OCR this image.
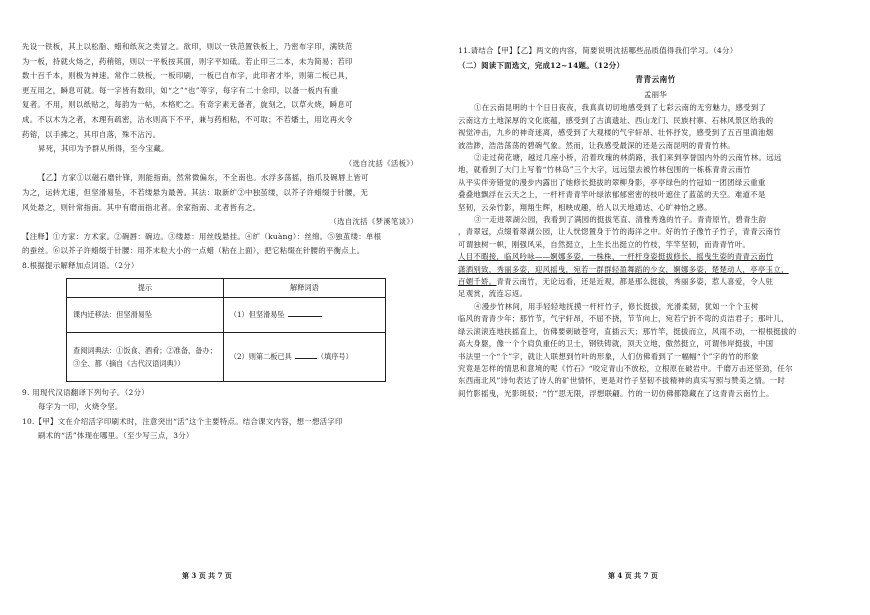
先设一铁板，其上以松脂、蜡和纸灰之类冒之。欲印，则以一铁范置铁板上，乃密布字印，满铁范
为一板，持就火炀之，药稍镕，则以一平板按其面，则字平如砥。若止印三二本，未为简易；若印
数十百千本，则极为神速。常作二铁板，一板印刷，一板已自布字，此印者才毕，则第二板已具，
更互用之，瞬息可就。每一字皆有数印，如“之”“也”等字，每字有二十余印，以备一板内有重
复者。不用，则以纸贴之，每韵为一帖，木格贮之。有奇字素无备者，旋刻之，以草火烧，瞬息可
成。不以木为之者，木理有疏密，沾水则高下不平，兼与药相粘，不可取；不若燔土，用讫再火令
药镕，以手拂之，其印自落，殊不沾污。
昇死，其印为予群从所得，至今宝藏。
（选自沈括《活板》）
【乙】方家①以磁石磨针锋，则能指南，然常微偏东，不全南也。水浮多荡摇，指爪及碗唇上皆可
为之，运转尤速，但坚滑易坠，不若缕悬为最善。其法：取新纩②中独茧缕，以芥子许蜡缀于针腰，无
风处悬之，则针常指南。其中有磨而指北者。余家指南、北者皆有之。
（选自沈括《梦溪笔谈》）
【注释】①方家：方术家。②碗唇：碗边。③缕悬：用丝线悬挂。④纩（kuàng）：丝绵。⑤独茧缕：单根
的蚕丝。⑥以芥子许蜡缀于针腰：用芥末粒大小的一点蜡（粘在上面），把它粘缀在针腰的平衡点上。
8.根据提示解释加点词语。（2分）
提示	解释词语
课内迁移法：但坚滑易坠	（1）但坚滑易坠

查阅词典法：①饭食、酒肴；②准备，备办；
③全、都（摘自《古代汉语词典》）	（2）则第二板已具 （填序号）
9. 用现代汉语翻译下列句子。（2分）
每字为一印，火烧令坚。
10.【甲】文在介绍活字印刷术时，注意突出“活”这个主要特点。结合课文内容，想一想活字印
刷术的“活”体现在哪里。（至少写三点，3分）
第 3 页 共 7 页
11.请结合【甲】【乙】两文的内容，简要说明沈括哪些品质值得我们学习。（4分）
（二）阅读下面选文，完成12~14题。（12分）
青青云南竹
孟丽华
①在云南昆明的十个日日夜夜，我真真切切地感受到了七彩云南的无穷魅力，感受到了
云南这方土地深厚的文化底蕴，感受到了古滇遗址、西山龙门、民族村寨、石林风景区给我的
视觉冲击，九乡的神奇迷离，感受到了大观楼的气宇轩昂、壮怀抒发，感受到了五百里滇池烟
波浩渺，浩浩荡荡的碧碗气象。然而，让我感受最深的还是云南昆明的青青竹林。
②走过荷花塘，越过几座小桥，沿着玫瑰的林荫路，我们来到享誉国内外的云南竹林。远远
地，就看到了大门上写着“竹林岛”三个大字，远远望去被竹林包围的一栋栋青青云南竹
从平实伴旁错觉的漫步内露出了她修长挺拔的翠柳身影，亭亭绿色的竹冠如一团团绿云重重
叠叠地飘浮在云天之上，一杆杆青青竿叶绿浓郁郁密密的枝叶遮住了蓝蓝的天空。难道不是
坚韧，云朵竹影，翔翔生辉，相映成趣，给人以天地通达、心旷神怡之感。
③一走进翠湖公园，我看到了满园的挺拔笔直、清雅秀逸的竹子。青青原竹，碧青生韵
，青翠冠，点缀着翠湖公园，让人恍惚置身于竹的海洋之中。好的竹子像竹子竹子，青青云南竹
可谓独树一帜，刚强风采，自然挺立，上生长出挺立的竹枝，竿竿坚韧，而青青竹叶。
人目不暇接，临风吟咏——婀娜多姿，一株株、一杆杆身姿挺拔修长，摇曳生姿的青青云南竹
潇洒别致，秀丽多姿，迎风摇曳，宛若一群群轻盈舞蹈的少女，婀娜多姿，楚楚动人，亭亭玉立，
百媚千娇。青青云南竹，无论远看，还是近观，都是那么挺拔，秀丽多姿，惹人喜爱，令人驻
足观赏，流连忘返。
④漫步竹林间，用手轻轻地抚摸一杆杆竹子，修长挺拔，光滑柔韧，犹如一个个玉树
临风的青青少年；那竹节，气宇轩昂，不屈不挠，节节向上，宛若宁折不弯的贞洁君子；那叶儿，
绿云滚滚连地扶摇直上，仿佛要刺破苍穹，直插云天；那竹竿，挺拔而立，风雨不动，一根根挺拔的
高大身躯，像一个个肩负重任的卫士，钢铁铸就，顶天立地，傲然挺立，可谓伟岸挺拔，中国
书法里一个“个”字，就让人联想到竹叶的形象，人们仿佛看到了一幅幅“个”字的竹的形象
究竟是怎样的情思和意境的呢《竹石》“咬定青山不放松，立根原在破岩中。千磨万击还坚劲，任尔
东西南北风”诗句表达了诗人的矿世情怀，更是对竹子坚韧不拔精神的真实写照与赞美之情。一时
间竹影摇曳，光影斑驳；“竹”思无限，浮想联翩。竹的一切仿佛都隐藏在了这青青云南竹上。
第 4 页 共 7 页
